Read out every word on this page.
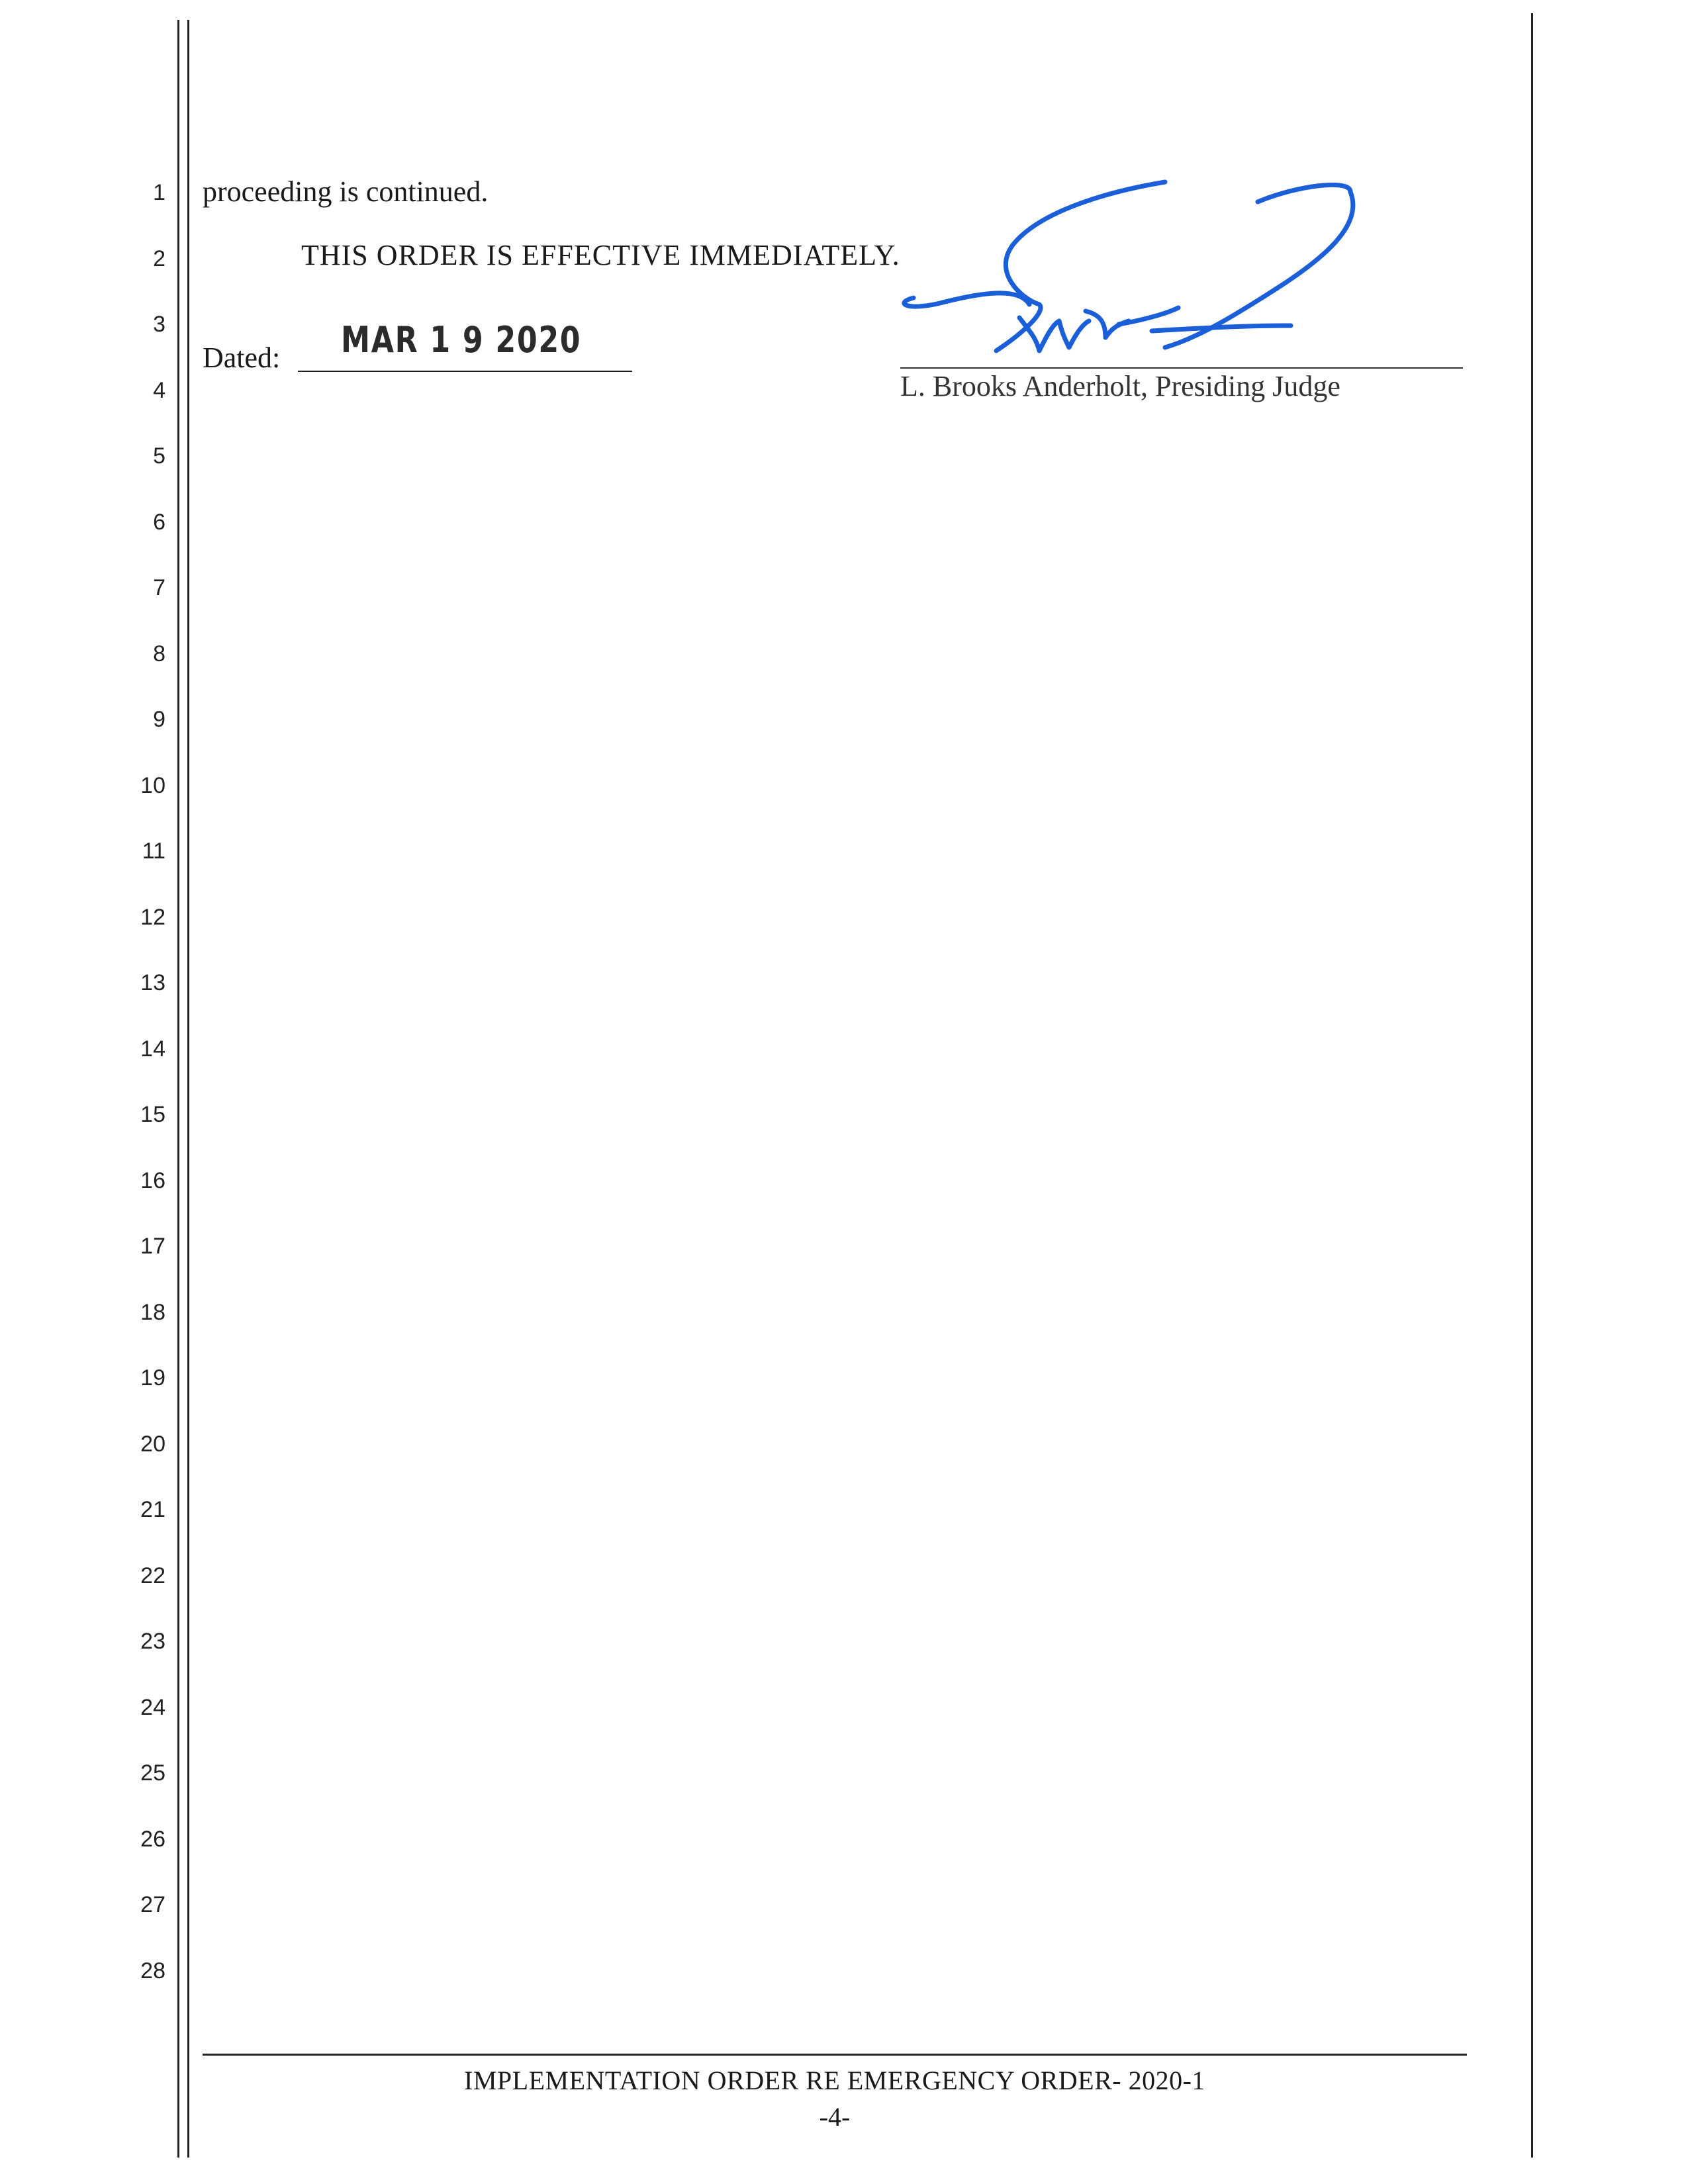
1
2
3
4
5
6
7
8
9
10
11
12
13
14
15
16
17
18
19
20
21
22
23
24
25
26
27
28
proceeding is continued.
THIS ORDER IS EFFECTIVE IMMEDIATELY.
Dated: MAR 1 9 2020
L. Brooks Anderholt, Presiding Judge
IMPLEMENTATION ORDER RE EMERGENCY ORDER- 2020-1
-4-
